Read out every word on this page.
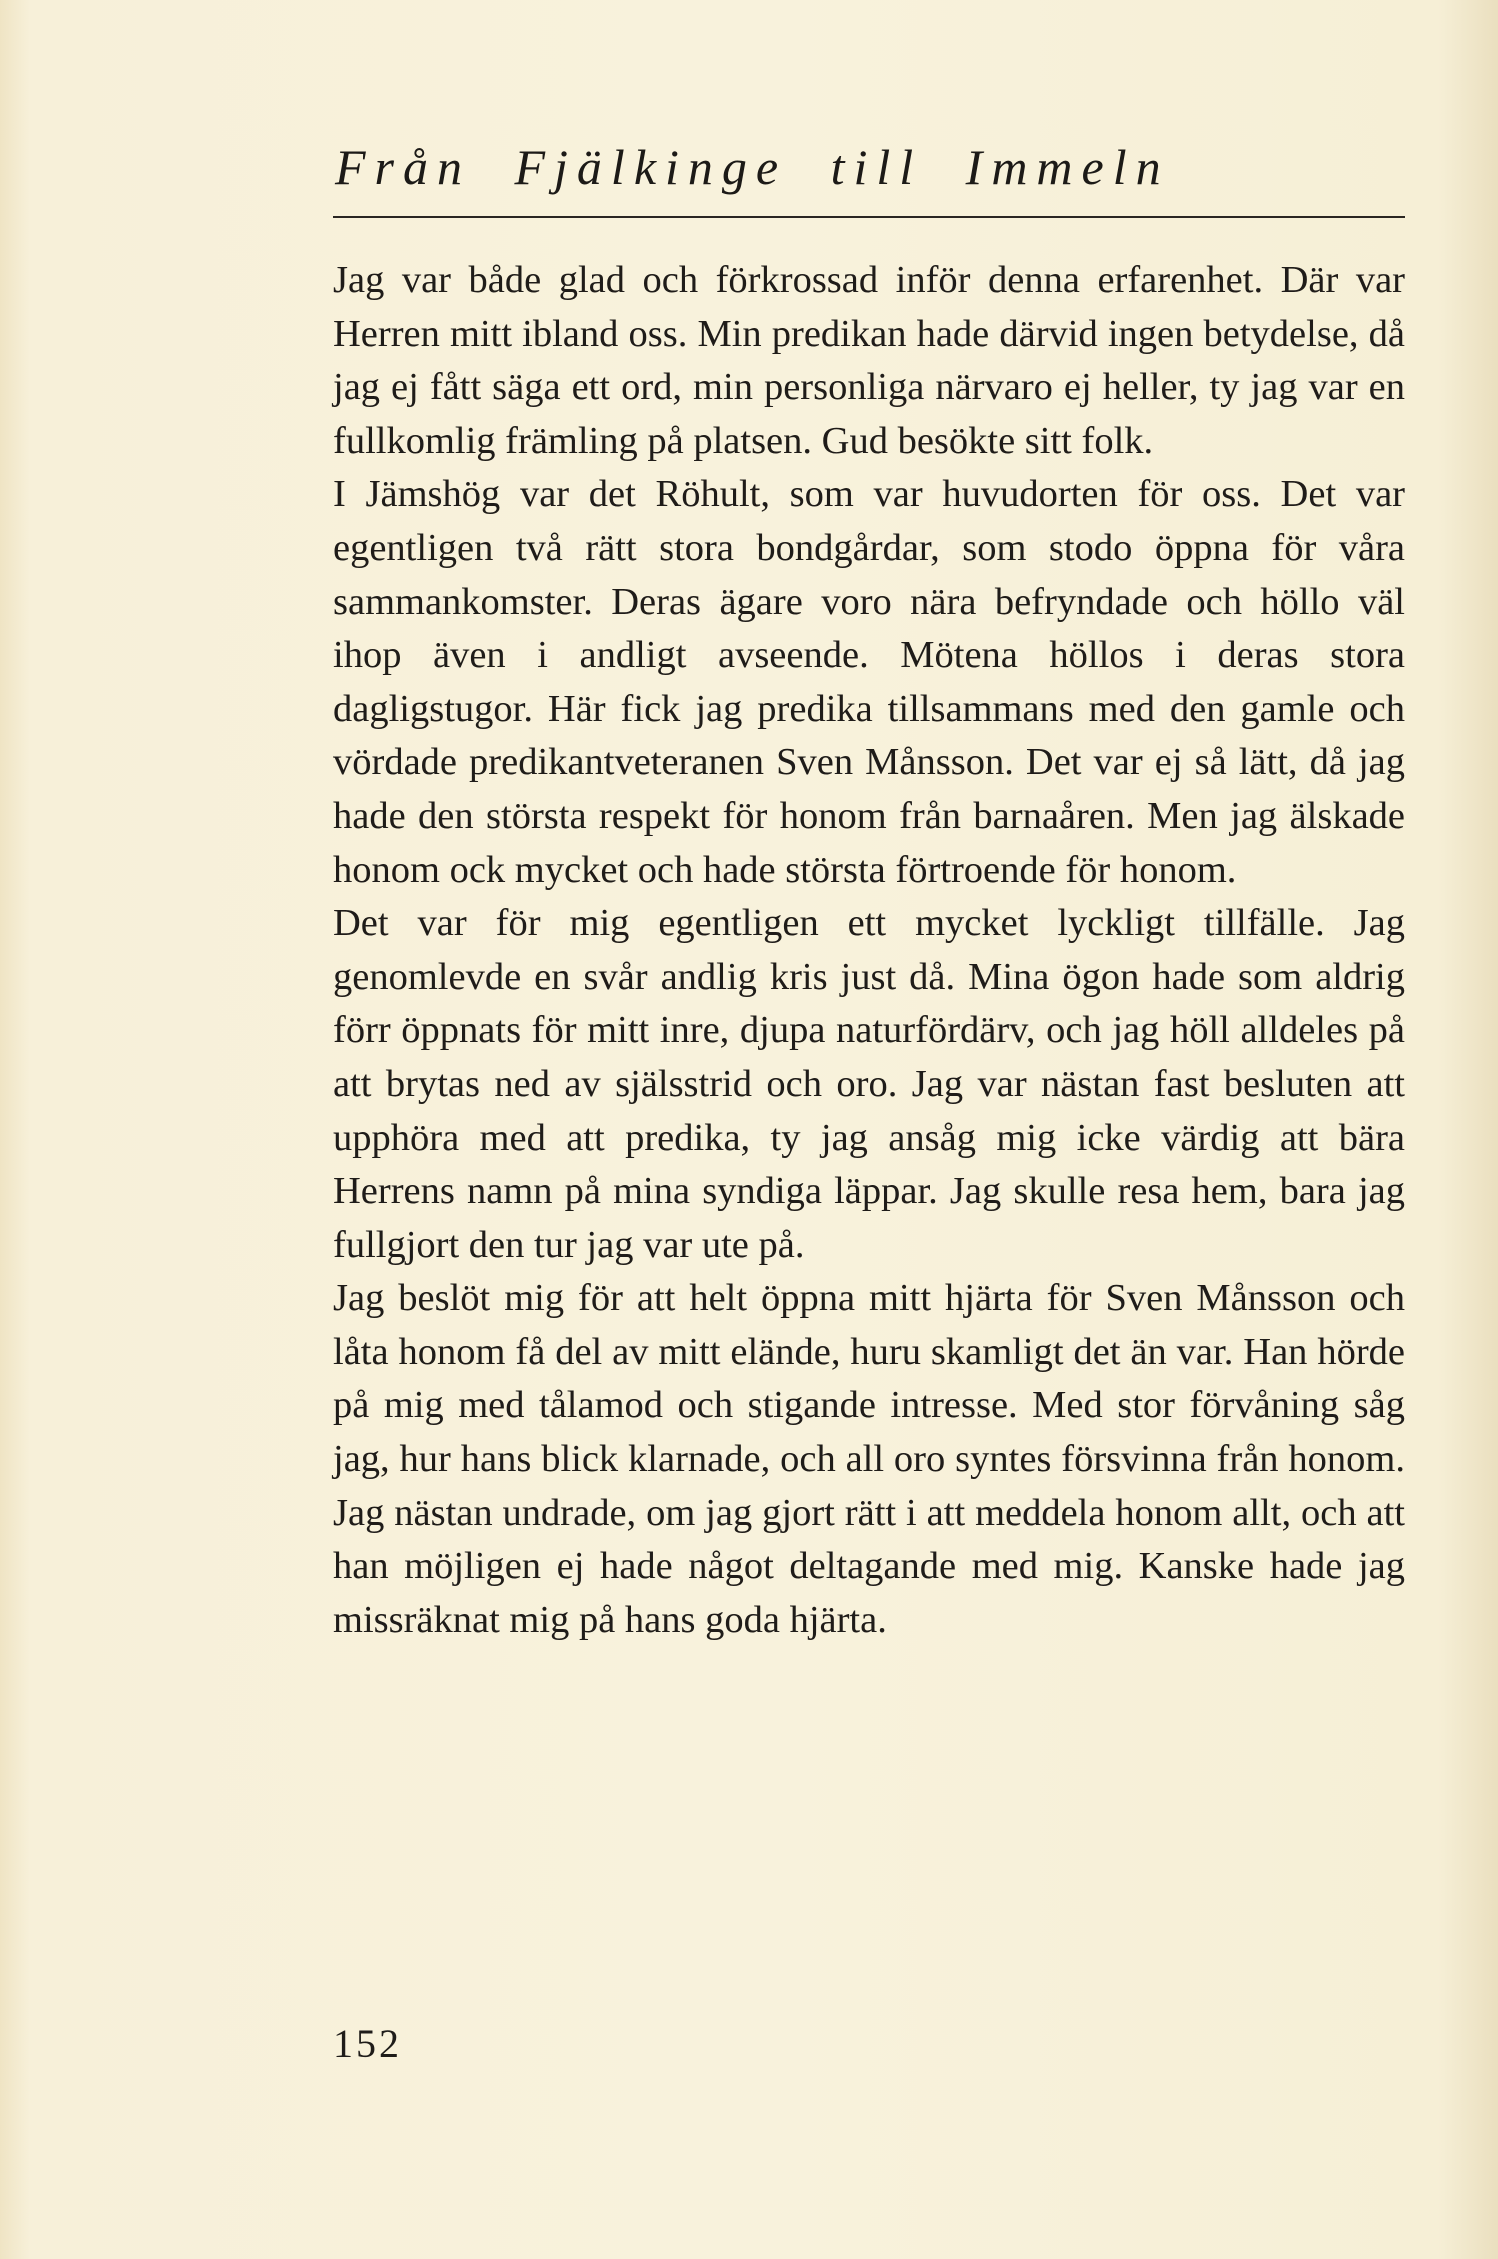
Från Fjälkinge till Immeln

Jag var både glad och förkrossad inför denna erfarenhet. Där var Herren mitt ibland oss. Min predikan hade därvid ingen betydelse, då jag ej fått säga ett ord, min personliga närvaro ej heller, ty jag var en fullkomlig främling på platsen. Gud besökte sitt folk.

I Jämshög var det Röhult, som var huvudorten för oss. Det var egentligen två rätt stora bondgårdar, som stodo öppna för våra sammankomster. Deras ägare voro nära befryndade och höllo väl ihop även i andligt avseende. Mötena höllos i deras stora dagligstugor. Här fick jag predika tillsammans med den gamle och vördade predikantveteranen Sven Månsson. Det var ej så lätt, då jag hade den största respekt för honom från barnaåren. Men jag älskade honom ock mycket och hade största förtroende för honom.

Det var för mig egentligen ett mycket lyckligt tillfälle. Jag genomlevde en svår andlig kris just då. Mina ögon hade som aldrig förr öppnats för mitt inre, djupa naturfördärv, och jag höll alldeles på att brytas ned av själsstrid och oro. Jag var nästan fast besluten att upphöra med att predika, ty jag ansåg mig icke värdig att bära Herrens namn på mina syndiga läppar. Jag skulle resa hem, bara jag fullgjort den tur jag var ute på.

Jag beslöt mig för att helt öppna mitt hjärta för Sven Månsson och låta honom få del av mitt elände, huru skamligt det än var. Han hörde på mig med tålamod och stigande intresse. Med stor förvåning såg jag, hur hans blick klarnade, och all oro syntes försvinna från honom. Jag nästan undrade, om jag gjort rätt i att meddela honom allt, och att han möjligen ej hade något deltagande med mig. Kanske hade jag missräknat mig på hans goda hjärta.

152
